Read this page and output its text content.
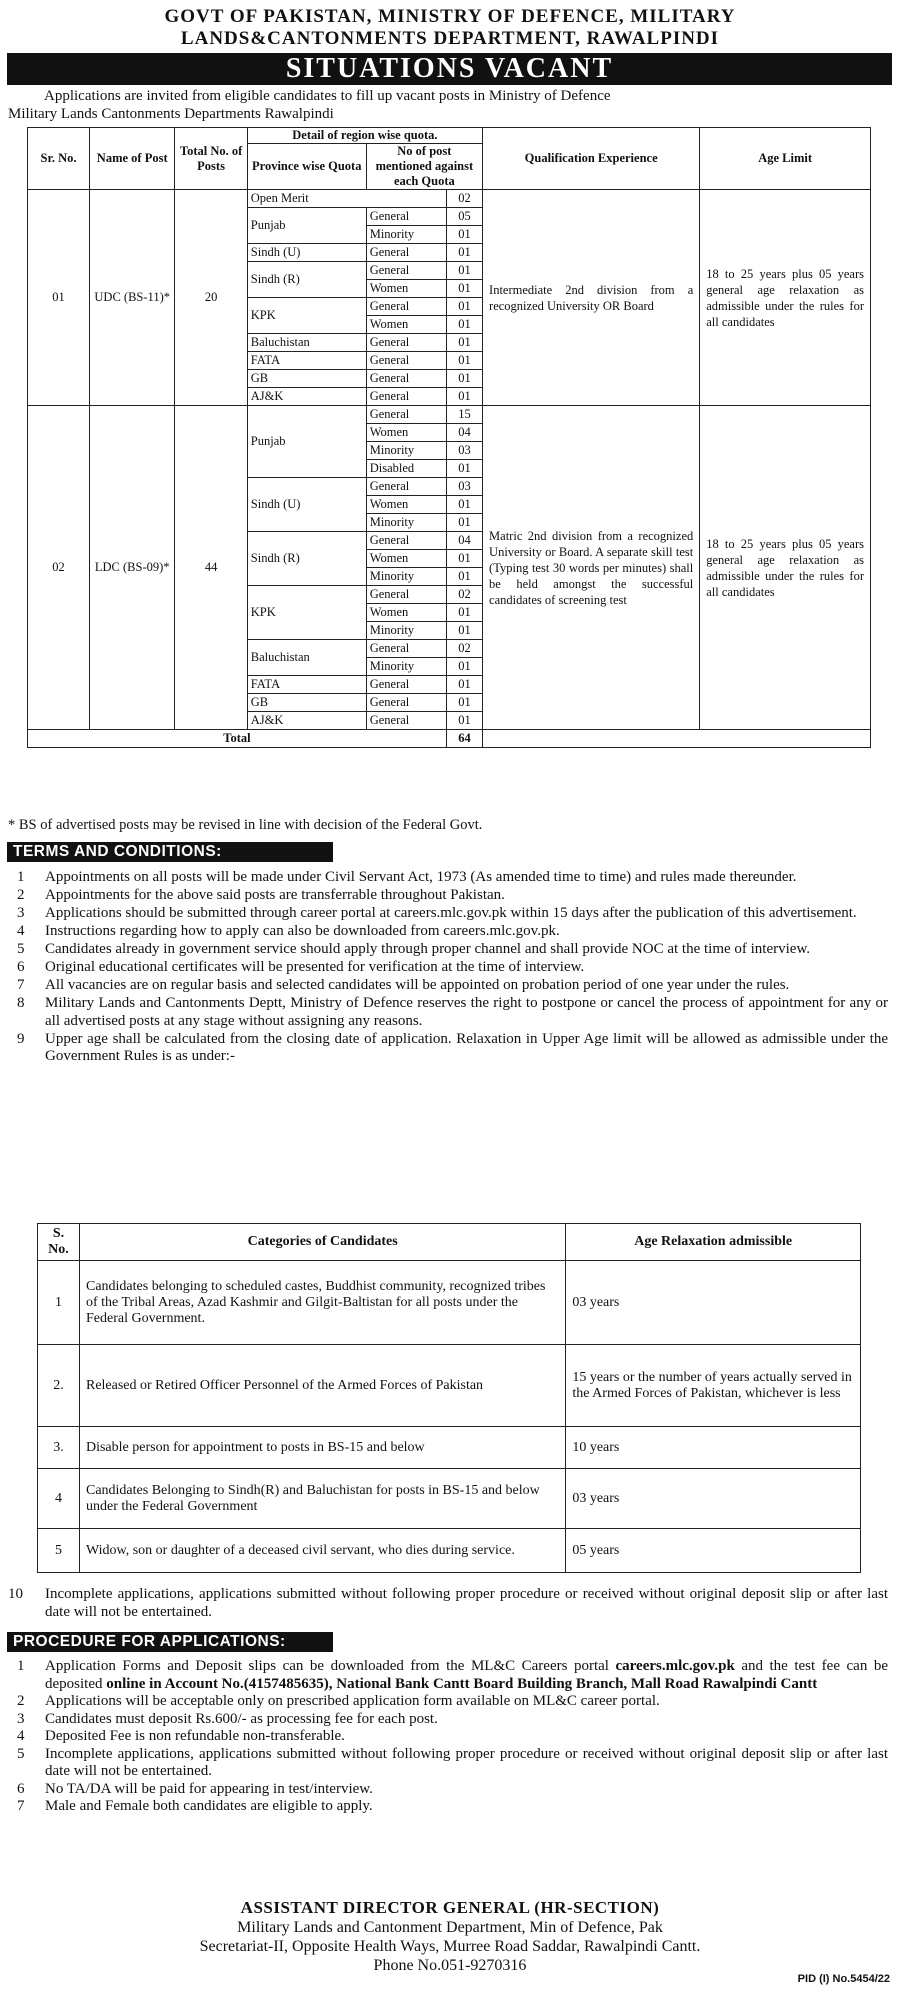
GOVT OF PAKISTAN, MINISTRY OF DEFENCE, MILITARY
LANDS&CANTONMENTS DEPARTMENT, RAWALPINDI
SITUATIONS VACANT
Applications are invited from eligible candidates to fill up vacant posts in Ministry of Defence
Military Lands Cantonments Departments Rawalpindi
Sr. No.	Name of Post	Total No. of Posts	Detail of region wise quota.			Qualification Experience	Age Limit
			Province wise Quota	No of post mentioned against each Quota			
01	UDC (BS-11)*	20	Open Merit		02	Intermediate 2nd division from a recognized University OR Board	18 to 25 years plus 05 years general age relaxation as admissible under the rules for all candidates
			Punjab	General	05		
				Minority	01		
			Sindh (U)	General	01		
			Sindh (R)	General	01		
				Women	01		
			KPK	General	01		
				Women	01		
			Baluchistan	General	01		
			FATA	General	01		
			GB	General	01		
			AJ&K	General	01		
02	LDC (BS-09)*	44	Punjab	General	15	Matric 2nd division from a recognized University or Board. A separate skill test (Typing test 30 words per minutes) shall be held amongst the successful candidates of screening test	18 to 25 years plus 05 years general age relaxation as admissible under the rules for all candidates
				Women	04		
				Minority	03		
				Disabled	01		
			Sindh (U)	General	03		
				Women	01		
				Minority	01		
			Sindh (R)	General	04		
				Women	01		
				Minority	01		
			KPK	General	02		
				Women	01		
				Minority	01		
			Baluchistan	General	02		
				Minority	01		
			FATA	General	01		
			GB	General	01		
			AJ&K	General	01		
Total					64		
* BS of advertised posts may be revised in line with decision of the Federal Govt.
TERMS AND CONDITIONS:
1 Appointments on all posts will be made under Civil Servant Act, 1973 (As amended time to time) and rules made thereunder.
2 Appointments for the above said posts are transferrable throughout Pakistan.
3 Applications should be submitted through career portal at careers.mlc.gov.pk within 15 days after the publication of this advertisement.
4 Instructions regarding how to apply can also be downloaded from careers.mlc.gov.pk.
5 Candidates already in government service should apply through proper channel and shall provide NOC at the time of interview.
6 Original educational certificates will be presented for verification at the time of interview.
7 All vacancies are on regular basis and selected candidates will be appointed on probation period of one year under the rules.
8 Military Lands and Cantonments Deptt, Ministry of Defence reserves the right to postpone or cancel the process of appointment for any or all advertised posts at any stage without assigning any reasons.
9 Upper age shall be calculated from the closing date of application. Relaxation in Upper Age limit will be allowed as admissible under the Government Rules is as under:-
S. No.	Categories of Candidates	Age Relaxation admissible
1	Candidates belonging to scheduled castes, Buddhist community, recognized tribes of the Tribal Areas, Azad Kashmir and Gilgit-Baltistan for all posts under the Federal Government.	03 years
2.	Released or Retired Officer Personnel of the Armed Forces of Pakistan	15 years or the number of years actually served in the Armed Forces of Pakistan, whichever is less
3.	Disable person for appointment to posts in BS-15 and below	10 years
4	Candidates Belonging to Sindh(R) and Baluchistan for posts in BS-15 and below under the Federal Government	03 years
5	Widow, son or daughter of a deceased civil servant, who dies during service.	05 years
10 Incomplete applications, applications submitted without following proper procedure or received without original deposit slip or after last date will not be entertained.
PROCEDURE FOR APPLICATIONS:
1 Application Forms and Deposit slips can be downloaded from the ML&C Careers portal careers.mlc.gov.pk and the test fee can be deposited online in Account No.(4157485635), National Bank Cantt Board Building Branch, Mall Road Rawalpindi Cantt
2 Applications will be acceptable only on prescribed application form available on ML&C career portal.
3 Candidates must deposit Rs.600/- as processing fee for each post.
4 Deposited Fee is non refundable non-transferable.
5 Incomplete applications, applications submitted without following proper procedure or received without original deposit slip or after last date will not be entertained.
6 No TA/DA will be paid for appearing in test/interview.
7 Male and Female both candidates are eligible to apply.
ASSISTANT DIRECTOR GENERAL (HR-SECTION)
Military Lands and Cantonment Department, Min of Defence, Pak
Secretariat-II, Opposite Health Ways, Murree Road Saddar, Rawalpindi Cantt.
Phone No.051-9270316
PID (I) No.5454/22
